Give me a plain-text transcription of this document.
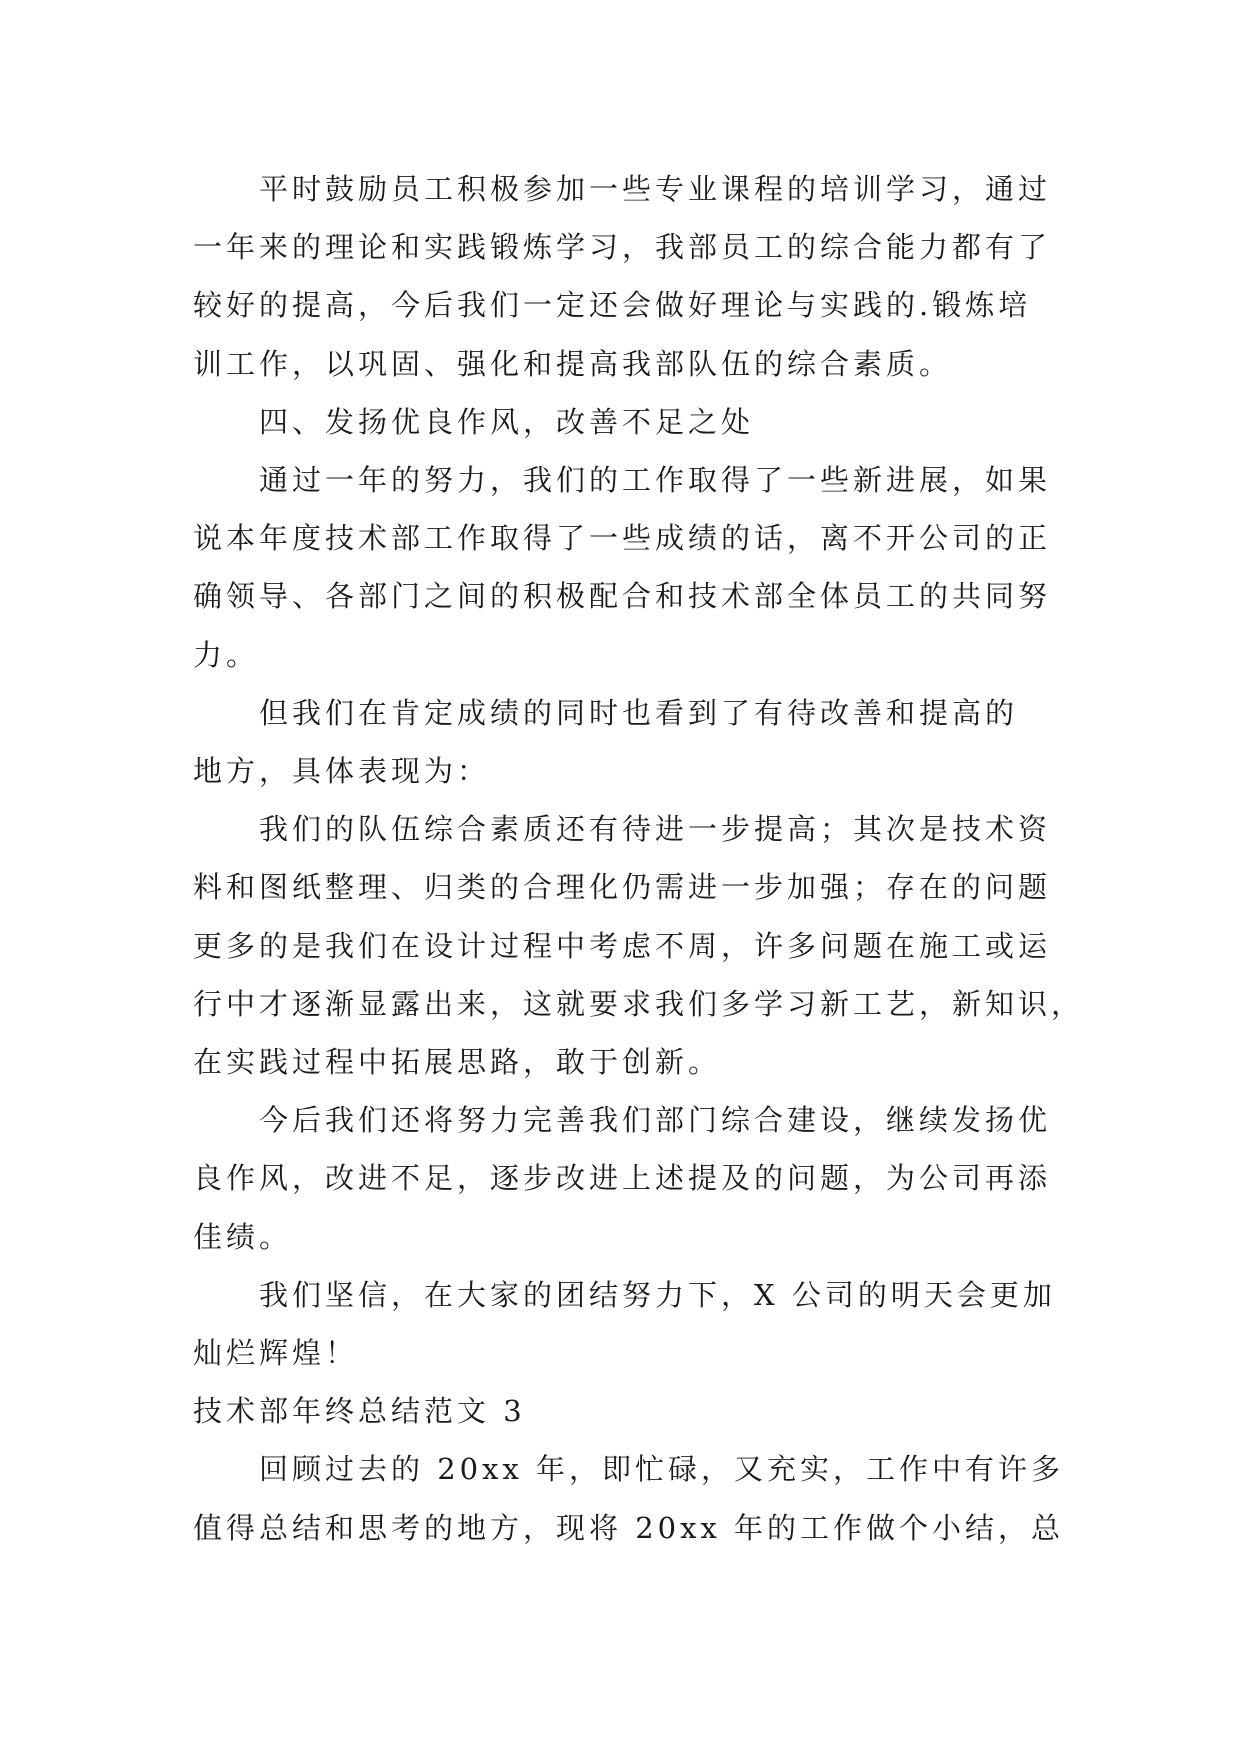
平时鼓励员工积极参加一些专业课程的培训学习，通过
一年来的理论和实践锻炼学习，我部员工的综合能力都有了
较好的提高，今后我们一定还会做好理论与实践的.锻炼培
训工作，以巩固、强化和提高我部队伍的综合素质。

四、发扬优良作风，改善不足之处

通过一年的努力，我们的工作取得了一些新进展，如果
说本年度技术部工作取得了一些成绩的话，离不开公司的正
确领导、各部门之间的积极配合和技术部全体员工的共同努
力。

但我们在肯定成绩的同时也看到了有待改善和提高的
地方，具体表现为：

我们的队伍综合素质还有待进一步提高；其次是技术资
料和图纸整理、归类的合理化仍需进一步加强；存在的问题
更多的是我们在设计过程中考虑不周，许多问题在施工或运
行中才逐渐显露出来，这就要求我们多学习新工艺，新知识，
在实践过程中拓展思路，敢于创新。

今后我们还将努力完善我们部门综合建设，继续发扬优
良作风，改进不足，逐步改进上述提及的问题，为公司再添
佳绩。

我们坚信，在大家的团结努力下，X 公司的明天会更加
灿烂辉煌！

技术部年终总结范文 3

回顾过去的 20xx 年，即忙碌，又充实，工作中有许多
值得总结和思考的地方，现将 20xx 年的工作做个小结，总
